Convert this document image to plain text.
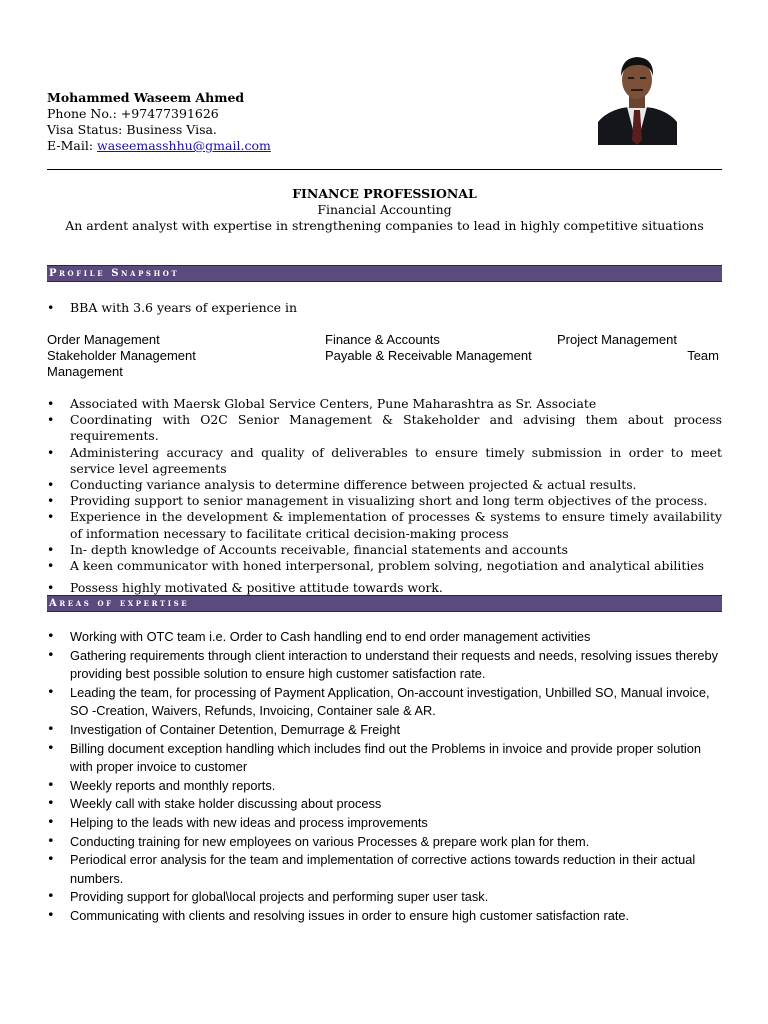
Mohammed Waseem Ahmed
Phone No.: +97477391626
Visa Status: Business Visa.
E-Mail: waseemasshhu@gmail.com
FINANCE PROFESSIONAL
Financial Accounting
An ardent analyst with expertise in strengthening companies to lead in highly competitive situations
Profile Snapshot
• BBA with 3.6 years of experience in
Order Management	Finance & Accounts	Project Management
Stakeholder Management	Payable & Receivable Management	Team
Management
• Associated with Maersk Global Service Centers, Pune Maharashtra as Sr. Associate
• Coordinating with O2C Senior Management & Stakeholder and advising them about process requirements.
• Administering accuracy and quality of deliverables to ensure timely submission in order to meet service level agreements
• Conducting variance analysis to determine difference between projected & actual results.
• Providing support to senior management in visualizing short and long term objectives of the process.
• Experience in the development & implementation of processes & systems to ensure timely availability of information necessary to facilitate critical decision-making process
• In- depth knowledge of Accounts receivable, financial statements and accounts
• A keen communicator with honed interpersonal, problem solving, negotiation and analytical abilities
• Possess highly motivated & positive attitude towards work.
Areas of expertise
• Working with OTC team i.e. Order to Cash handling end to end order management activities
• Gathering requirements through client interaction to understand their requests and needs, resolving issues thereby providing best possible solution to ensure high customer satisfaction rate.
• Leading the team, for processing of Payment Application, On-account investigation, Unbilled SO, Manual invoice, SO -Creation, Waivers, Refunds, Invoicing, Container sale & AR.
• Investigation of Container Detention, Demurrage & Freight
• Billing document exception handling which includes find out the Problems in invoice and provide proper solution with proper invoice to customer
• Weekly reports and monthly reports.
• Weekly call with stake holder discussing about process
• Helping to the leads with new ideas and process improvements
• Conducting training for new employees on various Processes & prepare work plan for them.
• Periodical error analysis for the team and implementation of corrective actions towards reduction in their actual numbers.
• Providing support for global\local projects and performing super user task.
• Communicating with clients and resolving issues in order to ensure high customer satisfaction rate.
